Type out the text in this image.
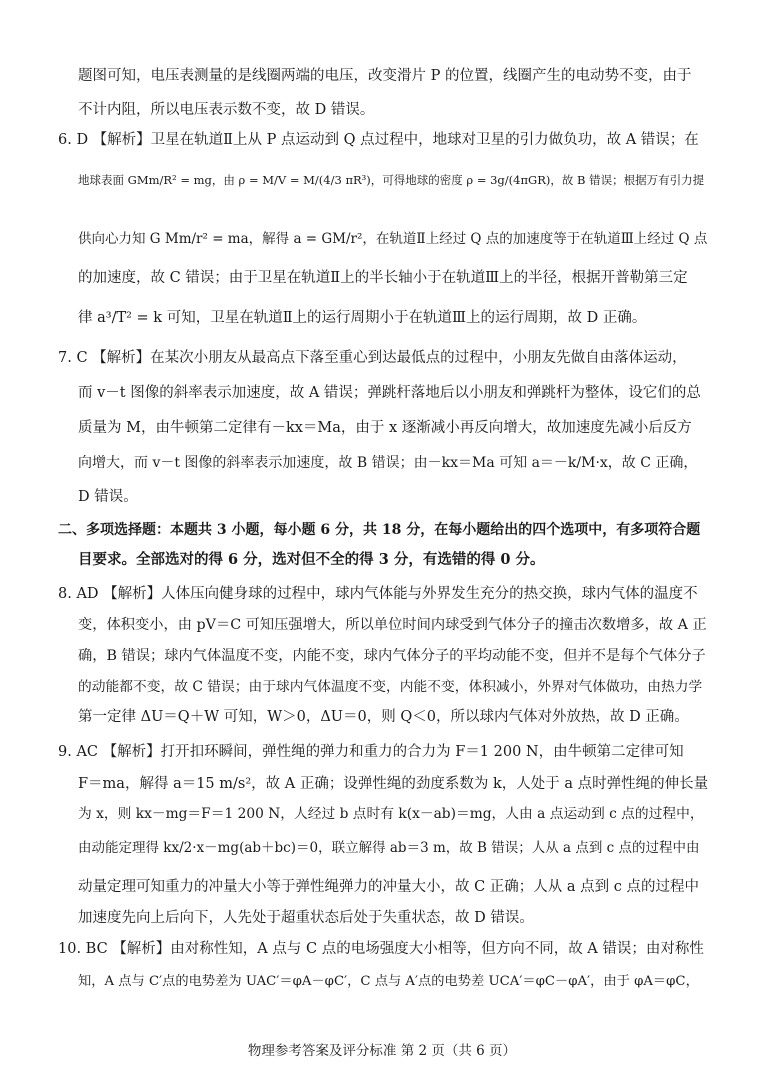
题图可知，电压表测量的是线圈两端的电压，改变滑片 P 的位置，线圈产生的电动势不变，由于
不计内阻，所以电压表示数不变，故 D 错误。
6. D 【解析】卫星在轨道Ⅱ上从 P 点运动到 Q 点过程中，地球对卫星的引力做负功，故 A 错误；在
地球表面 GMm/R² = mg，由 ρ = M/V = M/(4/3 πR³)，可得地球的密度 ρ = 3g/(4πGR)，故 B 错误；根据万有引力提
供向心力知 G Mm/r² = ma，解得 a = GM/r²，在轨道Ⅱ上经过 Q 点的加速度等于在轨道Ⅲ上经过 Q 点
的加速度，故 C 错误；由于卫星在轨道Ⅱ上的半长轴小于在轨道Ⅲ上的半径，根据开普勒第三定
律 a³/T² = k 可知，卫星在轨道Ⅱ上的运行周期小于在轨道Ⅲ上的运行周期，故 D 正确。
7. C 【解析】在某次小朋友从最高点下落至重心到达最低点的过程中，小朋友先做自由落体运动，
而 v－t 图像的斜率表示加速度，故 A 错误；弹跳杆落地后以小朋友和弹跳杆为整体，设它们的总
质量为 M，由牛顿第二定律有－kx＝Ma，由于 x 逐渐减小再反向增大，故加速度先减小后反方
向增大，而 v－t 图像的斜率表示加速度，故 B 错误；由－kx＝Ma 可知 a＝－k/M·x，故 C 正确，
D 错误。
二、多项选择题：本题共 3 小题，每小题 6 分，共 18 分，在每小题给出的四个选项中，有多项符合题
目要求。全部选对的得 6 分，选对但不全的得 3 分，有选错的得 0 分。
8. AD 【解析】人体压向健身球的过程中，球内气体能与外界发生充分的热交换，球内气体的温度不
变，体积变小，由 pV＝C 可知压强增大，所以单位时间内球受到气体分子的撞击次数增多，故 A 正
确，B 错误；球内气体温度不变，内能不变，球内气体分子的平均动能不变，但并不是每个气体分子
的动能都不变，故 C 错误；由于球内气体温度不变，内能不变，体积减小，外界对气体做功，由热力学
第一定律 ΔU＝Q＋W 可知，W＞0，ΔU＝0，则 Q＜0，所以球内气体对外放热，故 D 正确。
9. AC 【解析】打开扣环瞬间，弹性绳的弹力和重力的合力为 F＝1 200 N，由牛顿第二定律可知
F＝ma，解得 a＝15 m/s²，故 A 正确；设弹性绳的劲度系数为 k，人处于 a 点时弹性绳的伸长量
为 x，则 kx－mg＝F＝1 200 N，人经过 b 点时有 k(x－ab)＝mg，人由 a 点运动到 c 点的过程中，
由动能定理得 kx/2·x－mg(ab＋bc)＝0，联立解得 ab＝3 m，故 B 错误；人从 a 点到 c 点的过程中由
动量定理可知重力的冲量大小等于弹性绳弹力的冲量大小，故 C 正确；人从 a 点到 c 点的过程中
加速度先向上后向下，人先处于超重状态后处于失重状态，故 D 错误。
10. BC 【解析】由对称性知，A 点与 C 点的电场强度大小相等，但方向不同，故 A 错误；由对称性
知，A 点与 C′点的电势差为 UAC′＝φA－φC′，C 点与 A′点的电势差 UCA′＝φC－φA′，由于 φA＝φC，
物理参考答案及评分标准 第 2 页（共 6 页）
